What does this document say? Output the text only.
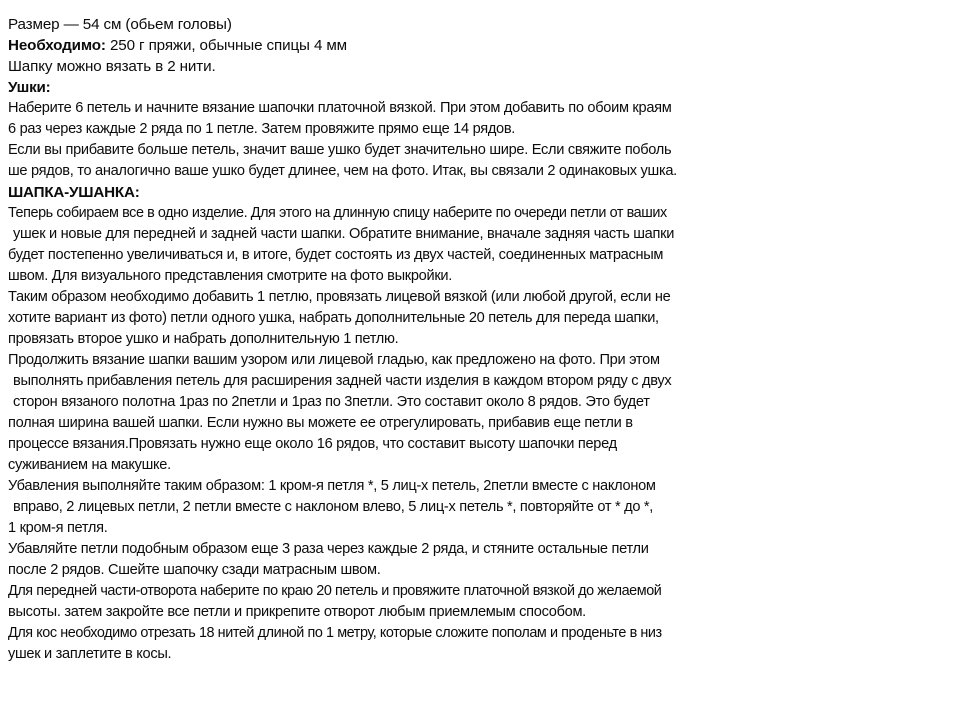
Размер — 54 см (обьем головы)
Необходимо: 250 г пряжи, обычные спицы 4 мм
Шапку можно вязать в 2 нити.
Ушки:
Наберите 6 петель и начните вязание шапочки платочной вязкой. При этом добавить по обоим краям
6 раз через каждые 2 ряда по 1 петле. Затем провяжите прямо еще 14 рядов.
Если вы прибавите больше петель, значит ваше ушко будет значительно шире. Если свяжите поболь
ше рядов, то аналогично ваше ушко будет длинее, чем на фото. Итак, вы связали 2 одинаковых ушка.
ШАПКА-УШАНКА:
Теперь собираем все в одно изделие. Для этого на длинную спицу наберите по очереди петли от ваших
ушек и новые для передней и задней части шапки. Обратите внимание, вначале задняя часть шапки
будет постепенно увеличиваться и, в итоге, будет состоять из двух частей, соединенных матрасным
швом. Для визуального представления смотрите на фото выкройки.
Таким образом необходимо добавить 1 петлю, провязать лицевой вязкой (или любой другой, если не
хотите вариант из фото) петли одного ушка, набрать дополнительные 20 петель для переда шапки,
провязать второе ушко и набрать дополнительную 1 петлю.
Продолжить вязание шапки вашим узором или лицевой гладью, как предложено на фото. При этом
выполнять прибавления петель для расширения задней части изделия в каждом втором ряду с двух
сторон вязаного полотна 1раз по 2петли и 1раз по 3петли. Это составит около 8 рядов. Это будет
полная ширина вашей шапки. Если нужно вы можете ее отрегулировать, прибавив еще петли в
процессе вязания.Провязать нужно еще около 16 рядов, что составит высоту шапочки перед
суживанием на макушке.
Убавления выполняйте таким образом: 1 кром-я петля *, 5 лиц-х петель, 2петли вместе с наклоном
вправо, 2 лицевых петли, 2 петли вместе с наклоном влево, 5 лиц-х петель *, повторяйте от * до *,
1 кром-я петля.
Убавляйте петли подобным образом еще 3 раза через каждые 2 ряда, и стяните остальные петли
после 2 рядов. Сшейте шапочку сзади матрасным швом.
Для передней части-отворота наберите по краю 20 петель и провяжите платочной вязкой до желаемой
высоты. затем закройте все петли и прикрепите отворот любым приемлемым способом.
Для кос необходимо отрезать 18 нитей длиной по 1 метру, которые сложите пополам и проденьте в низ
ушек и заплетите в косы.
